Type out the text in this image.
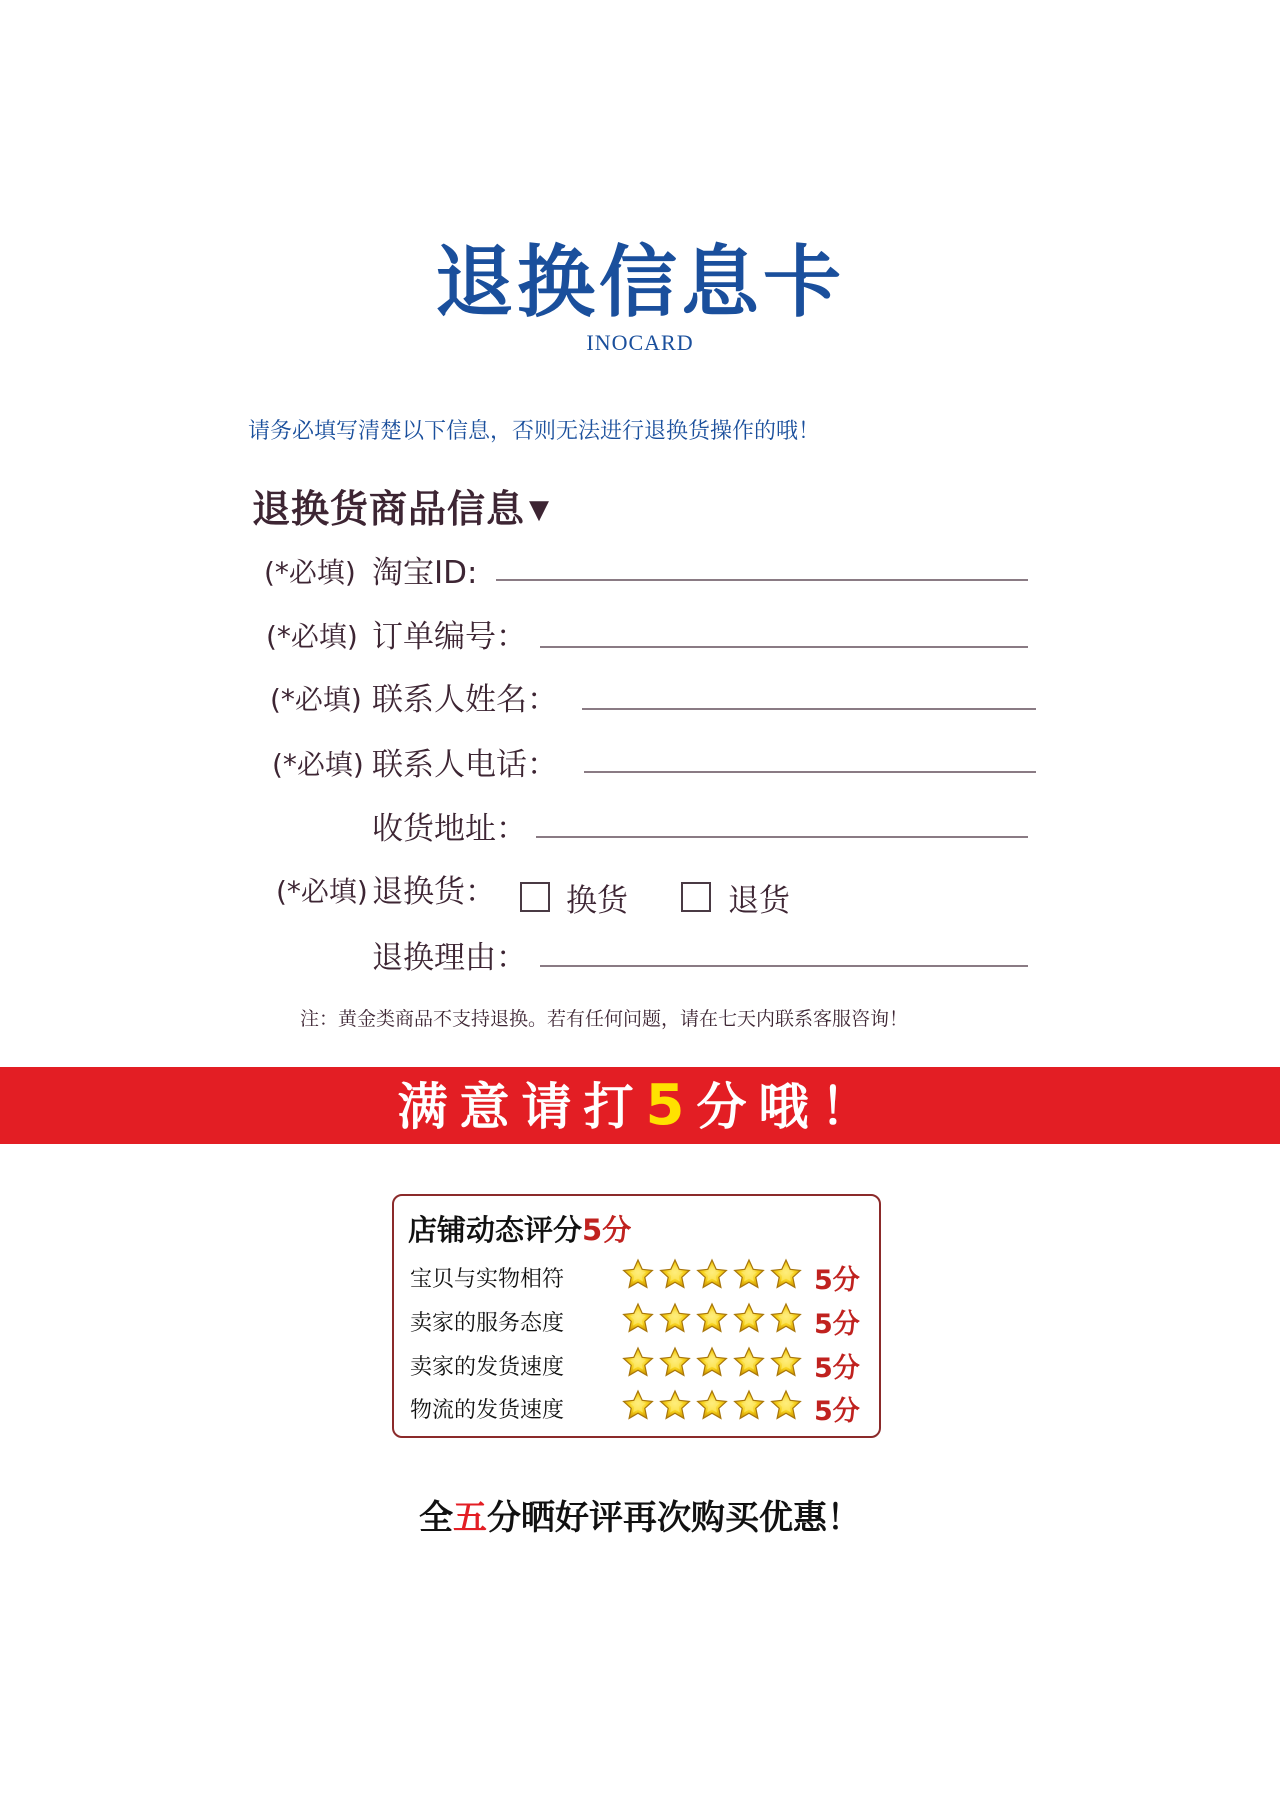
退换信息卡
INOCARD
请务必填写清楚以下信息，否则无法进行退换货操作的哦！
退换货商品信息 ▼
(*必填) 淘宝ID:
(*必填) 订单编号：
(*必填) 联系人姓名：
(*必填) 联系人电话：
收货地址：
(*必填) 退换货： 换货	退货
退换理由：
注：黄金类商品不支持退换。若有任何问题，请在七天内联系客服咨询！
满意请打5分哦！
店铺动态评分5分
宝贝与实物相符	5分
卖家的服务态度	5分
卖家的发货速度	5分
物流的发货速度	5分
全五分晒好评再次购买优惠！
